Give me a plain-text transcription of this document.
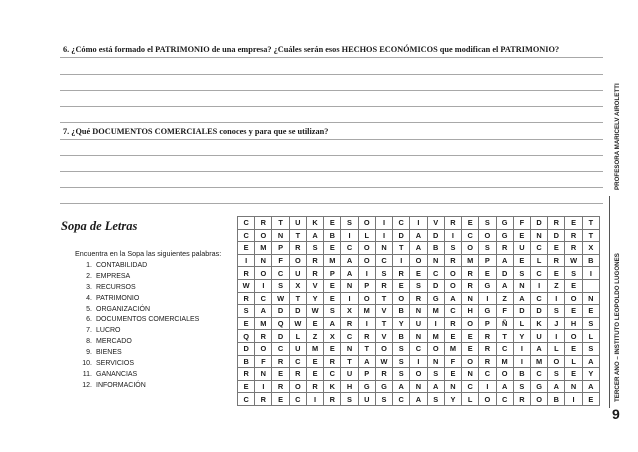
6. ¿Cómo está formado el PATRIMONIO de una empresa? ¿Cuáles serán esos HECHOS ECONÓMICOS que modifican el PATRIMONIO?
7. ¿Qué DOCUMENTOS COMERCIALES conoces y para que se utilizan?	PROFESORA MARICELV AIROLETTI
TERCER AÑO – INSTITUTO LEOPOLDO LUGONES
9
Sopa de Letras
Encuentra en la Sopa las siguientes palabras:
1. CONTABILIDAD
2. EMPRESA
3. RECURSOS
4. PATRIMONIO
5. ORGANIZACIÓN
6. DOCUMENTOS COMERCIALES
7. LUCRO
8. MERCADO
9. BIENES
10. SERVICIOS
11. GANANCIAS
12. INFORMACIÓN
C	R	T	U	K	E	S	O	I	C	I	V	R	E	S	G	F	D	R	E	T
C	O	N	T	A	B	I	L	I	D	A	D	I	C	O	G	E	N	D	R	T
E	M	P	R	S	E	C	O	N	T	A	B	S	O	S	R	U	C	E	R	X
I	N	F	O	R	M	A	O	C	I	O	N	R	M	P	A	E	L	R	W	B
R	O	C	U	R	P	A	I	S	R	E	C	O	R	E	D	S	C	E	S	I
W	I	S	X	V	E	N	P	R	E	S	D	O	R	G	A	N	I	Z	E	
R	C	W	T	Y	E	I	O	T	O	R	G	A	N	I	Z	A	C	I	O	N
S	A	D	D	W	S	X	M	V	B	N	M	C	H	G	F	D	D	S	E	E
E	M	Q	W	E	A	R	I	T	Y	U	I	R	O	P	Ñ	L	K	J	H	S
Q	R	D	L	Z	X	C	R	V	B	N	M	E	E	R	T	Y	U	I	O	L
D	O	C	U	M	E	N	T	O	S	C	O	M	E	R	C	I	A	L	E	S
B	F	R	C	E	R	T	A	W	S	I	N	F	O	R	M	I	M	O	L	A
R	N	E	R	E	C	U	P	R	S	O	S	E	N	C	O	B	C	S	E	Y
E	I	R	O	R	K	H	G	G	A	N	A	N	C	I	A	S	G	A	N	A
C	R	E	C	I	R	S	U	S	C	A	S	Y	L	O	C	R	O	B	I	E
